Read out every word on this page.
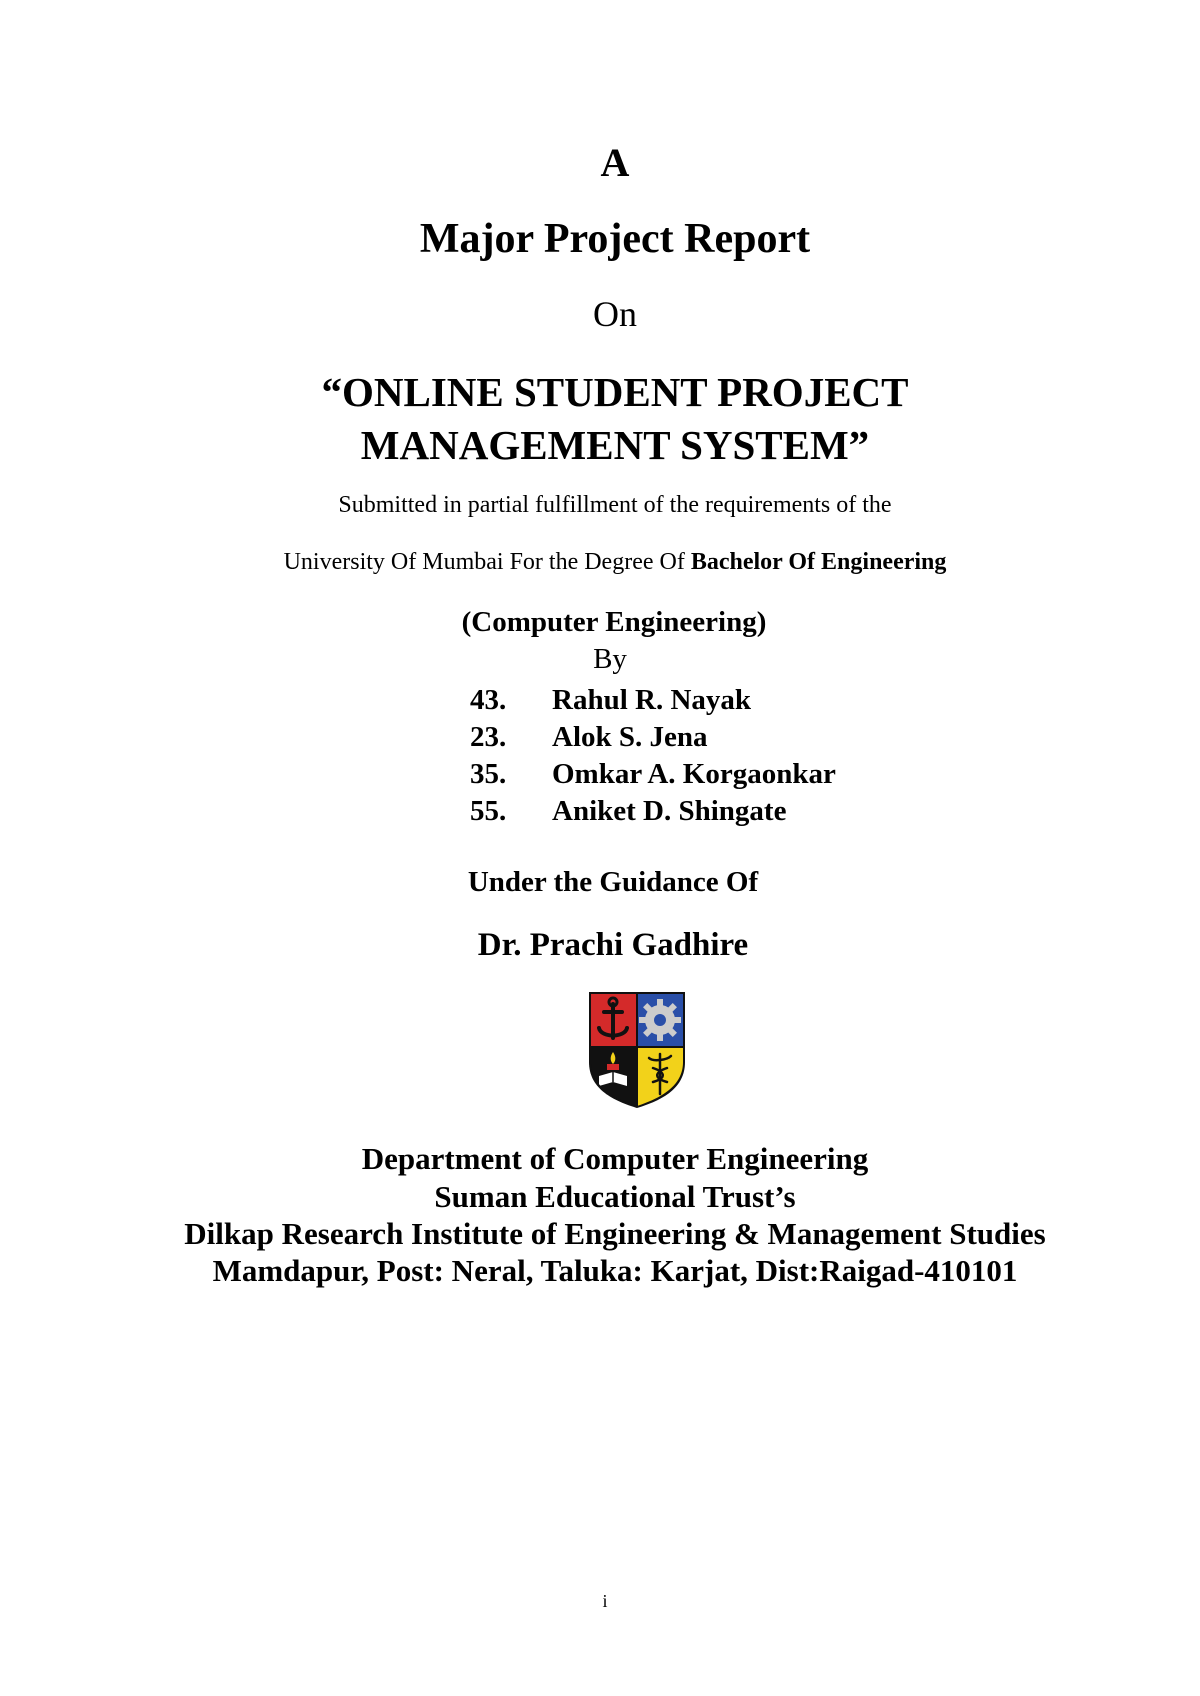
A
Major Project Report
On
“ONLINE STUDENT PROJECT
MANAGEMENT SYSTEM”
Submitted in partial fulfillment of the requirements of the
University Of Mumbai For the Degree Of Bachelor Of Engineering
(Computer Engineering)
By
43.	Rahul R. Nayak
23.	Alok S. Jena
35.	Omkar A. Korgaonkar
55.	Aniket D. Shingate
Under the Guidance Of
Dr. Prachi Gadhire
Department of Computer Engineering
Suman Educational Trust’s
Dilkap Research Institute of Engineering & Management Studies
Mamdapur, Post: Neral, Taluka: Karjat, Dist:Raigad-410101
i
